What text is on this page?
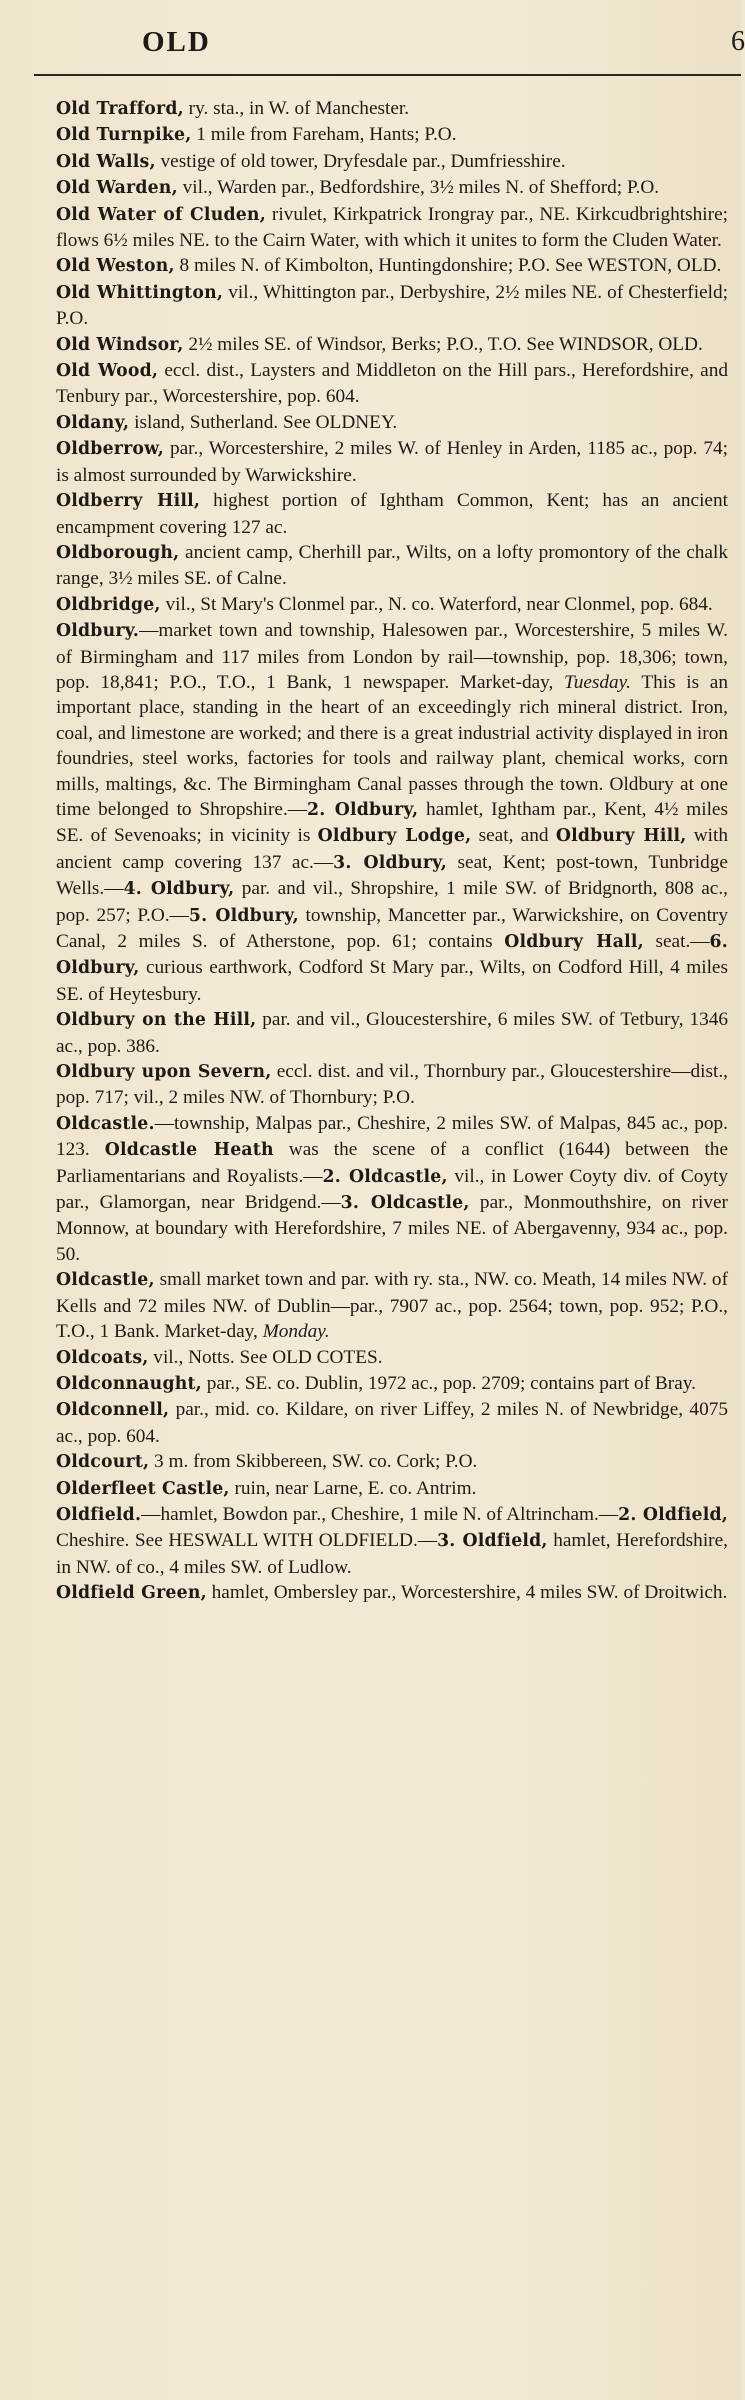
OLD	6

Old Trafford, ry. sta., in W. of Manchester.

Old Turnpike, 1 mile from Fareham, Hants; P.O.

Old Walls, vestige of old tower, Dryfesdale par., Dumfriesshire.

Old Warden, vil., Warden par., Bedfordshire, 3½ miles N. of Shefford; P.O.

Old Water of Cluden, rivulet, Kirkpatrick Irongray par., NE. Kirkcudbrightshire; flows 6½ miles NE. to the Cairn Water, with which it unites to form the Cluden Water.

Old Weston, 8 miles N. of Kimbolton, Huntingdonshire; P.O. See WESTON, OLD.

Old Whittington, vil., Whittington par., Derbyshire, 2½ miles NE. of Chesterfield; P.O.

Old Windsor, 2½ miles SE. of Windsor, Berks; P.O., T.O. See WINDSOR, OLD.

Old Wood, eccl. dist., Laysters and Middleton on the Hill pars., Herefordshire, and Tenbury par., Worcestershire, pop. 604.

Oldany, island, Sutherland. See OLDNEY.

Oldberrow, par., Worcestershire, 2 miles W. of Henley in Arden, 1185 ac., pop. 74; is almost surrounded by Warwickshire.

Oldberry Hill, highest portion of Ightham Common, Kent; has an ancient encampment covering 127 ac.

Oldborough, ancient camp, Cherhill par., Wilts, on a lofty promontory of the chalk range, 3½ miles SE. of Calne.

Oldbridge, vil., St Mary's Clonmel par., N. co. Waterford, near Clonmel, pop. 684.

Oldbury.—market town and township, Halesowen par., Worcestershire, 5 miles W. of Birmingham and 117 miles from London by rail—township, pop. 18,306; town, pop. 18,841; P.O., T.O., 1 Bank, 1 newspaper. Market-day, Tuesday. This is an important place, standing in the heart of an exceedingly rich mineral district. Iron, coal, and limestone are worked; and there is a great industrial activity displayed in iron foundries, steel works, factories for tools and railway plant, chemical works, corn mills, maltings, &c. The Birmingham Canal passes through the town. Oldbury at one time belonged to Shropshire.—2. Oldbury, hamlet, Ightham par., Kent, 4½ miles SE. of Sevenoaks; in vicinity is Oldbury Lodge, seat, and Oldbury Hill, with ancient camp covering 137 ac.—3. Oldbury, seat, Kent; post-town, Tunbridge Wells.—4. Oldbury, par. and vil., Shropshire, 1 mile SW. of Bridgnorth, 808 ac., pop. 257; P.O.—5. Oldbury, township, Mancetter par., Warwickshire, on Coventry Canal, 2 miles S. of Atherstone, pop. 61; contains Oldbury Hall, seat.—6. Oldbury, curious earthwork, Codford St Mary par., Wilts, on Codford Hill, 4 miles SE. of Heytesbury.

Oldbury on the Hill, par. and vil., Gloucestershire, 6 miles SW. of Tetbury, 1346 ac., pop. 386.

Oldbury upon Severn, eccl. dist. and vil., Thornbury par., Gloucestershire—dist., pop. 717; vil., 2 miles NW. of Thornbury; P.O.

Oldcastle.—township, Malpas par., Cheshire, 2 miles SW. of Malpas, 845 ac., pop. 123. Oldcastle Heath was the scene of a conflict (1644) between the Parliamentarians and Royalists.—2. Oldcastle, vil., in Lower Coyty div. of Coyty par., Glamorgan, near Bridgend.—3. Oldcastle, par., Monmouthshire, on river Monnow, at boundary with Herefordshire, 7 miles NE. of Abergavenny, 934 ac., pop. 50.

Oldcastle, small market town and par. with ry. sta., NW. co. Meath, 14 miles NW. of Kells and 72 miles NW. of Dublin—par., 7907 ac., pop. 2564; town, pop. 952; P.O., T.O., 1 Bank. Market-day, Monday.

Oldcoats, vil., Notts. See OLD COTES.

Oldconnaught, par., SE. co. Dublin, 1972 ac., pop. 2709; contains part of Bray.

Oldconnell, par., mid. co. Kildare, on river Liffey, 2 miles N. of Newbridge, 4075 ac., pop. 604.

Oldcourt, 3 m. from Skibbereen, SW. co. Cork; P.O.

Olderfleet Castle, ruin, near Larne, E. co. Antrim.

Oldfield.—hamlet, Bowdon par., Cheshire, 1 mile N. of Altrincham.—2. Oldfield, Cheshire. See HESWALL WITH OLDFIELD.—3. Oldfield, hamlet, Herefordshire, in NW. of co., 4 miles SW. of Ludlow.

Oldfield Green, hamlet, Ombersley par., Worcestershire, 4 miles SW. of Droitwich.
